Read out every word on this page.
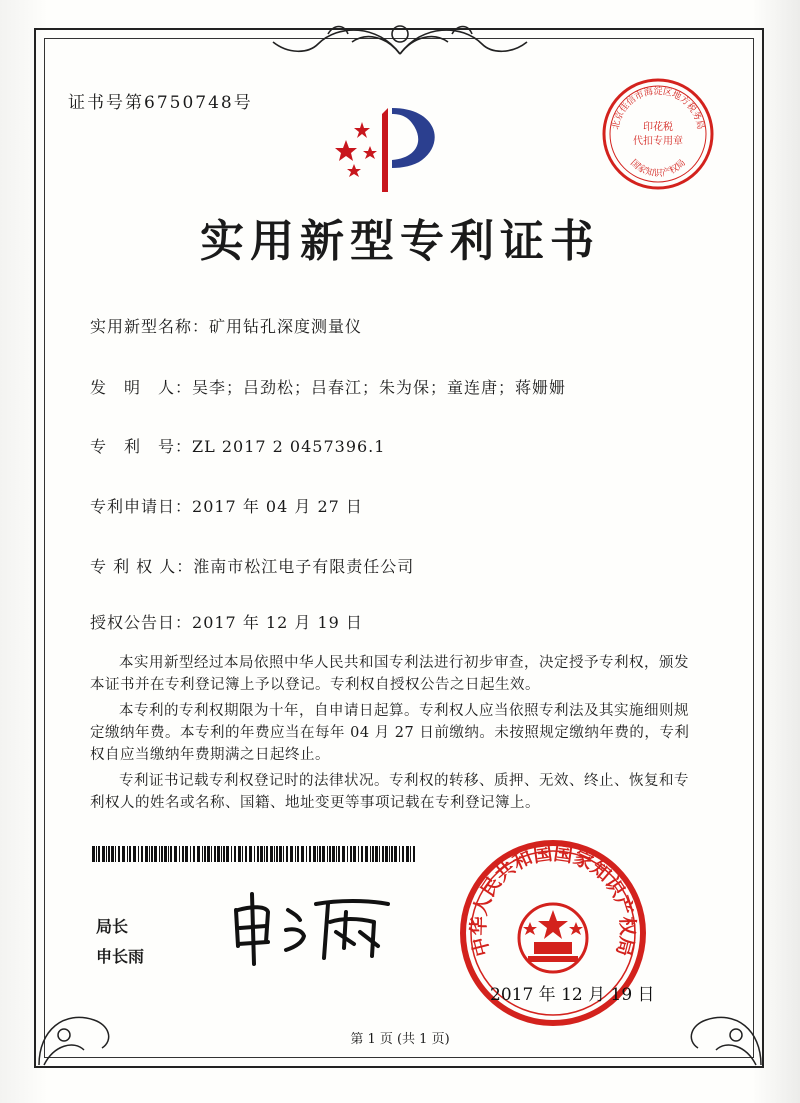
证书号第6750748号
北京佳信市海淀区地方税务局
印花税
代扣专用章
国家知识产权局
实用新型专利证书
实用新型名称：矿用钻孔深度测量仪
发　明　人：吴李；吕劲松；吕春江；朱为保；童连唐；蒋姗姗
专　利　号：ZL 2017 2 0457396.1
专利申请日：2017 年 04 月 27 日
专 利 权 人：淮南市松江电子有限责任公司
授权公告日：2017 年 12 月 19 日

本实用新型经过本局依照中华人民共和国专利法进行初步审查，决定授予专利权，颁发本证书并在专利登记簿上予以登记。专利权自授权公告之日起生效。

本专利的专利权期限为十年，自申请日起算。专利权人应当依照专利法及其实施细则规定缴纳年费。本专利的年费应当在每年 04 月 27 日前缴纳。未按照规定缴纳年费的，专利权自应当缴纳年费期满之日起终止。

专利证书记载专利权登记时的法律状况。专利权的转移、质押、无效、终止、恢复和专利权人的姓名或名称、国籍、地址变更等事项记载在专利登记簿上。

局长
申长雨	中华人民共和国国家知识产权局
2017 年 12 月 19 日
第 1 页 (共 1 页)
